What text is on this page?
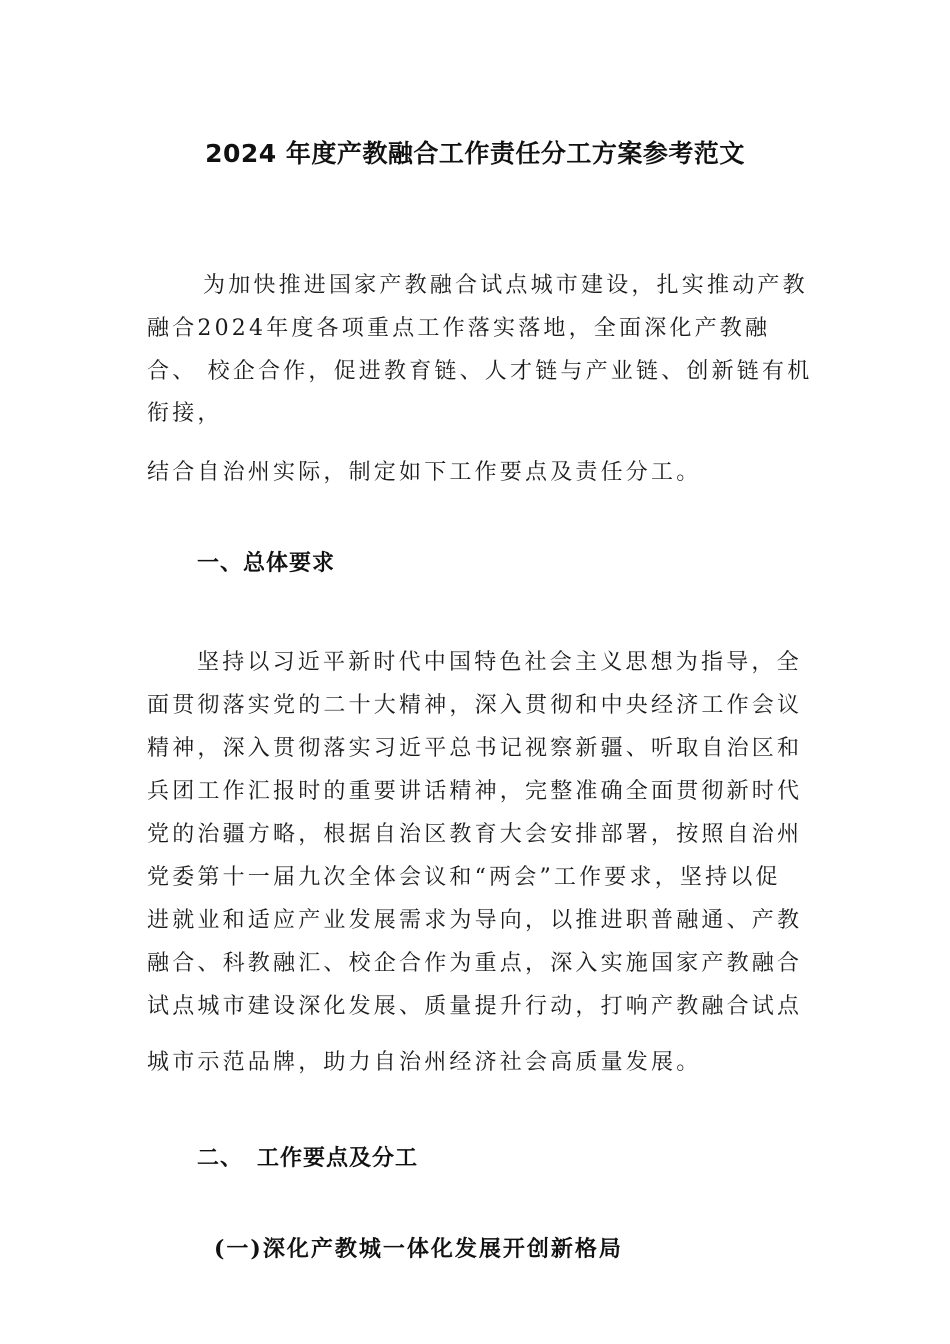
2024 年度产教融合工作责任分工方案参考范文
为加快推进国家产教融合试点城市建设，扎实推动产教
融合2024年度各项重点工作落实落地，全面深化产教融
合、 校企合作，促进教育链、人才链与产业链、创新链有机
衔接，
结合自治州实际，制定如下工作要点及责任分工。
一、总体要求
坚持以习近平新时代中国特色社会主义思想为指导，全
面贯彻落实党的二十大精神，深入贯彻和中央经济工作会议
精神，深入贯彻落实习近平总书记视察新疆、听取自治区和
兵团工作汇报时的重要讲话精神，完整准确全面贯彻新时代
党的治疆方略，根据自治区教育大会安排部署，按照自治州
党委第十一届九次全体会议和“两会”工作要求，坚持以促
进就业和适应产业发展需求为导向，以推进职普融通、产教
融合、科教融汇、校企合作为重点，深入实施国家产教融合
试点城市建设深化发展、质量提升行动，打响产教融合试点
城市示范品牌，助力自治州经济社会高质量发展。
二、 工作要点及分工
(一)深化产教城一体化发展开创新格局
